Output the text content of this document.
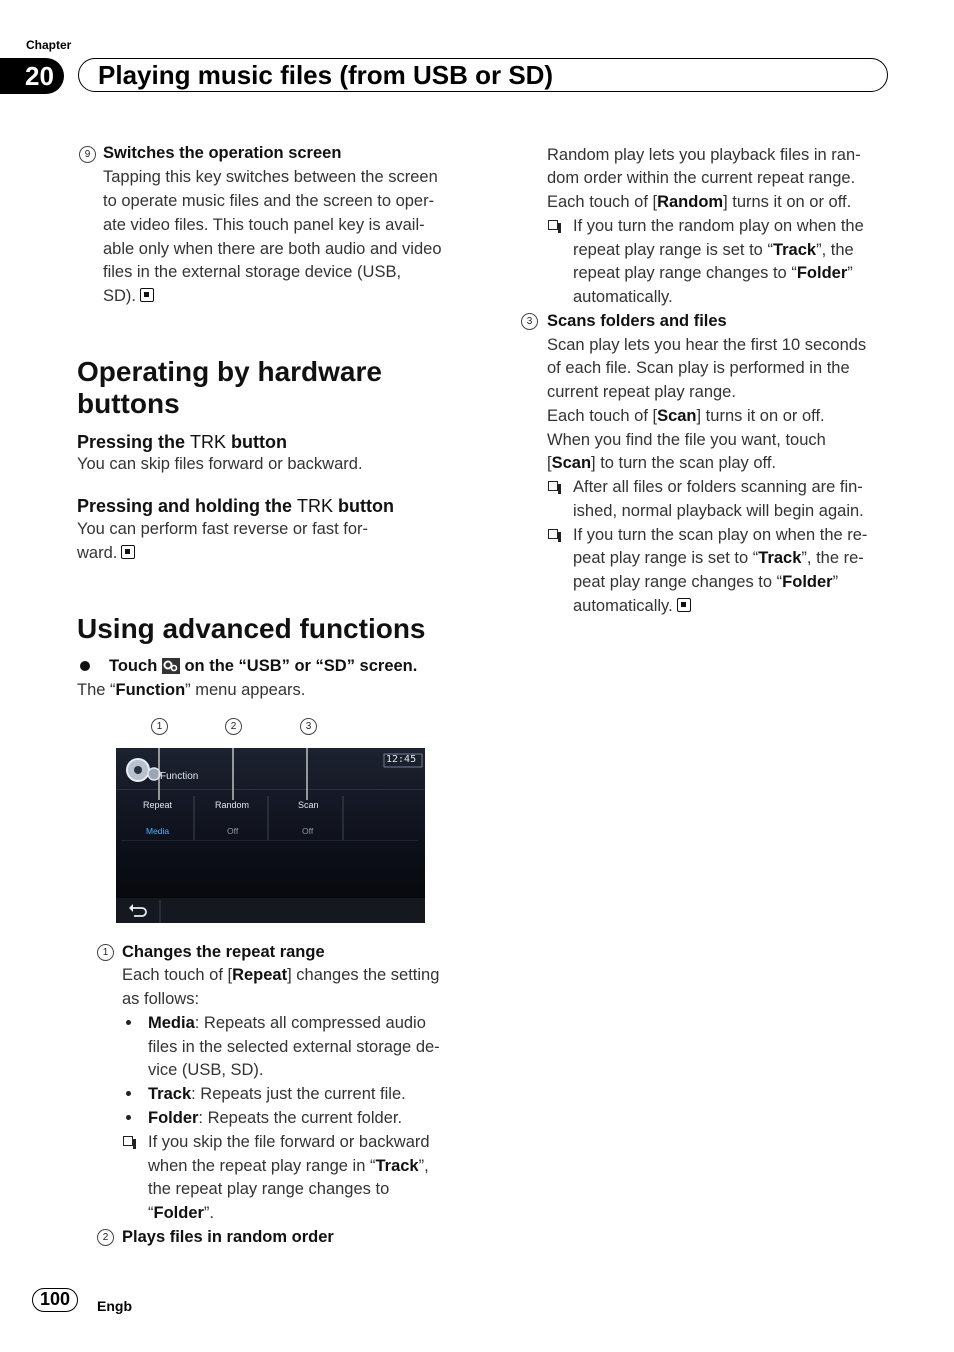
Chapter
20	Playing music files (from USB or SD)
9 Switches the operation screen
Tapping this key switches between the screen
to operate music files and the screen to oper-
ate video files. This touch panel key is avail-
able only when there are both audio and video
files in the external storage device (USB,
SD).
Operating by hardware
buttons
Pressing the TRK button
You can skip files forward or backward.
Pressing and holding the TRK button
You can perform fast reverse or fast for-
ward.
Using advanced functions
Touch on the “USB” or “SD” screen.
The “Function” menu appears.
1	2	3
Function
12:45
Repeat
Media
Random
Off
Scan
Off
1 Changes the repeat range
Each touch of [Repeat] changes the setting
as follows:
Media: Repeats all compressed audio
files in the selected external storage de-
vice (USB, SD).
Track: Repeats just the current file.
Folder: Repeats the current folder.
If you skip the file forward or backward
when the repeat play range in “Track”,
the repeat play range changes to
“Folder”.
2 Plays files in random order
Random play lets you playback files in ran-
dom order within the current repeat range.
Each touch of [Random] turns it on or off.
If you turn the random play on when the
repeat play range is set to “Track”, the
repeat play range changes to “Folder”
automatically.
3 Scans folders and files
Scan play lets you hear the first 10 seconds
of each file. Scan play is performed in the
current repeat play range.
Each touch of [Scan] turns it on or off.
When you find the file you want, touch
[Scan] to turn the scan play off.
After all files or folders scanning are fin-
ished, normal playback will begin again.
If you turn the scan play on when the re-
peat play range is set to “Track”, the re-
peat play range changes to “Folder”
automatically.
100	Engb
